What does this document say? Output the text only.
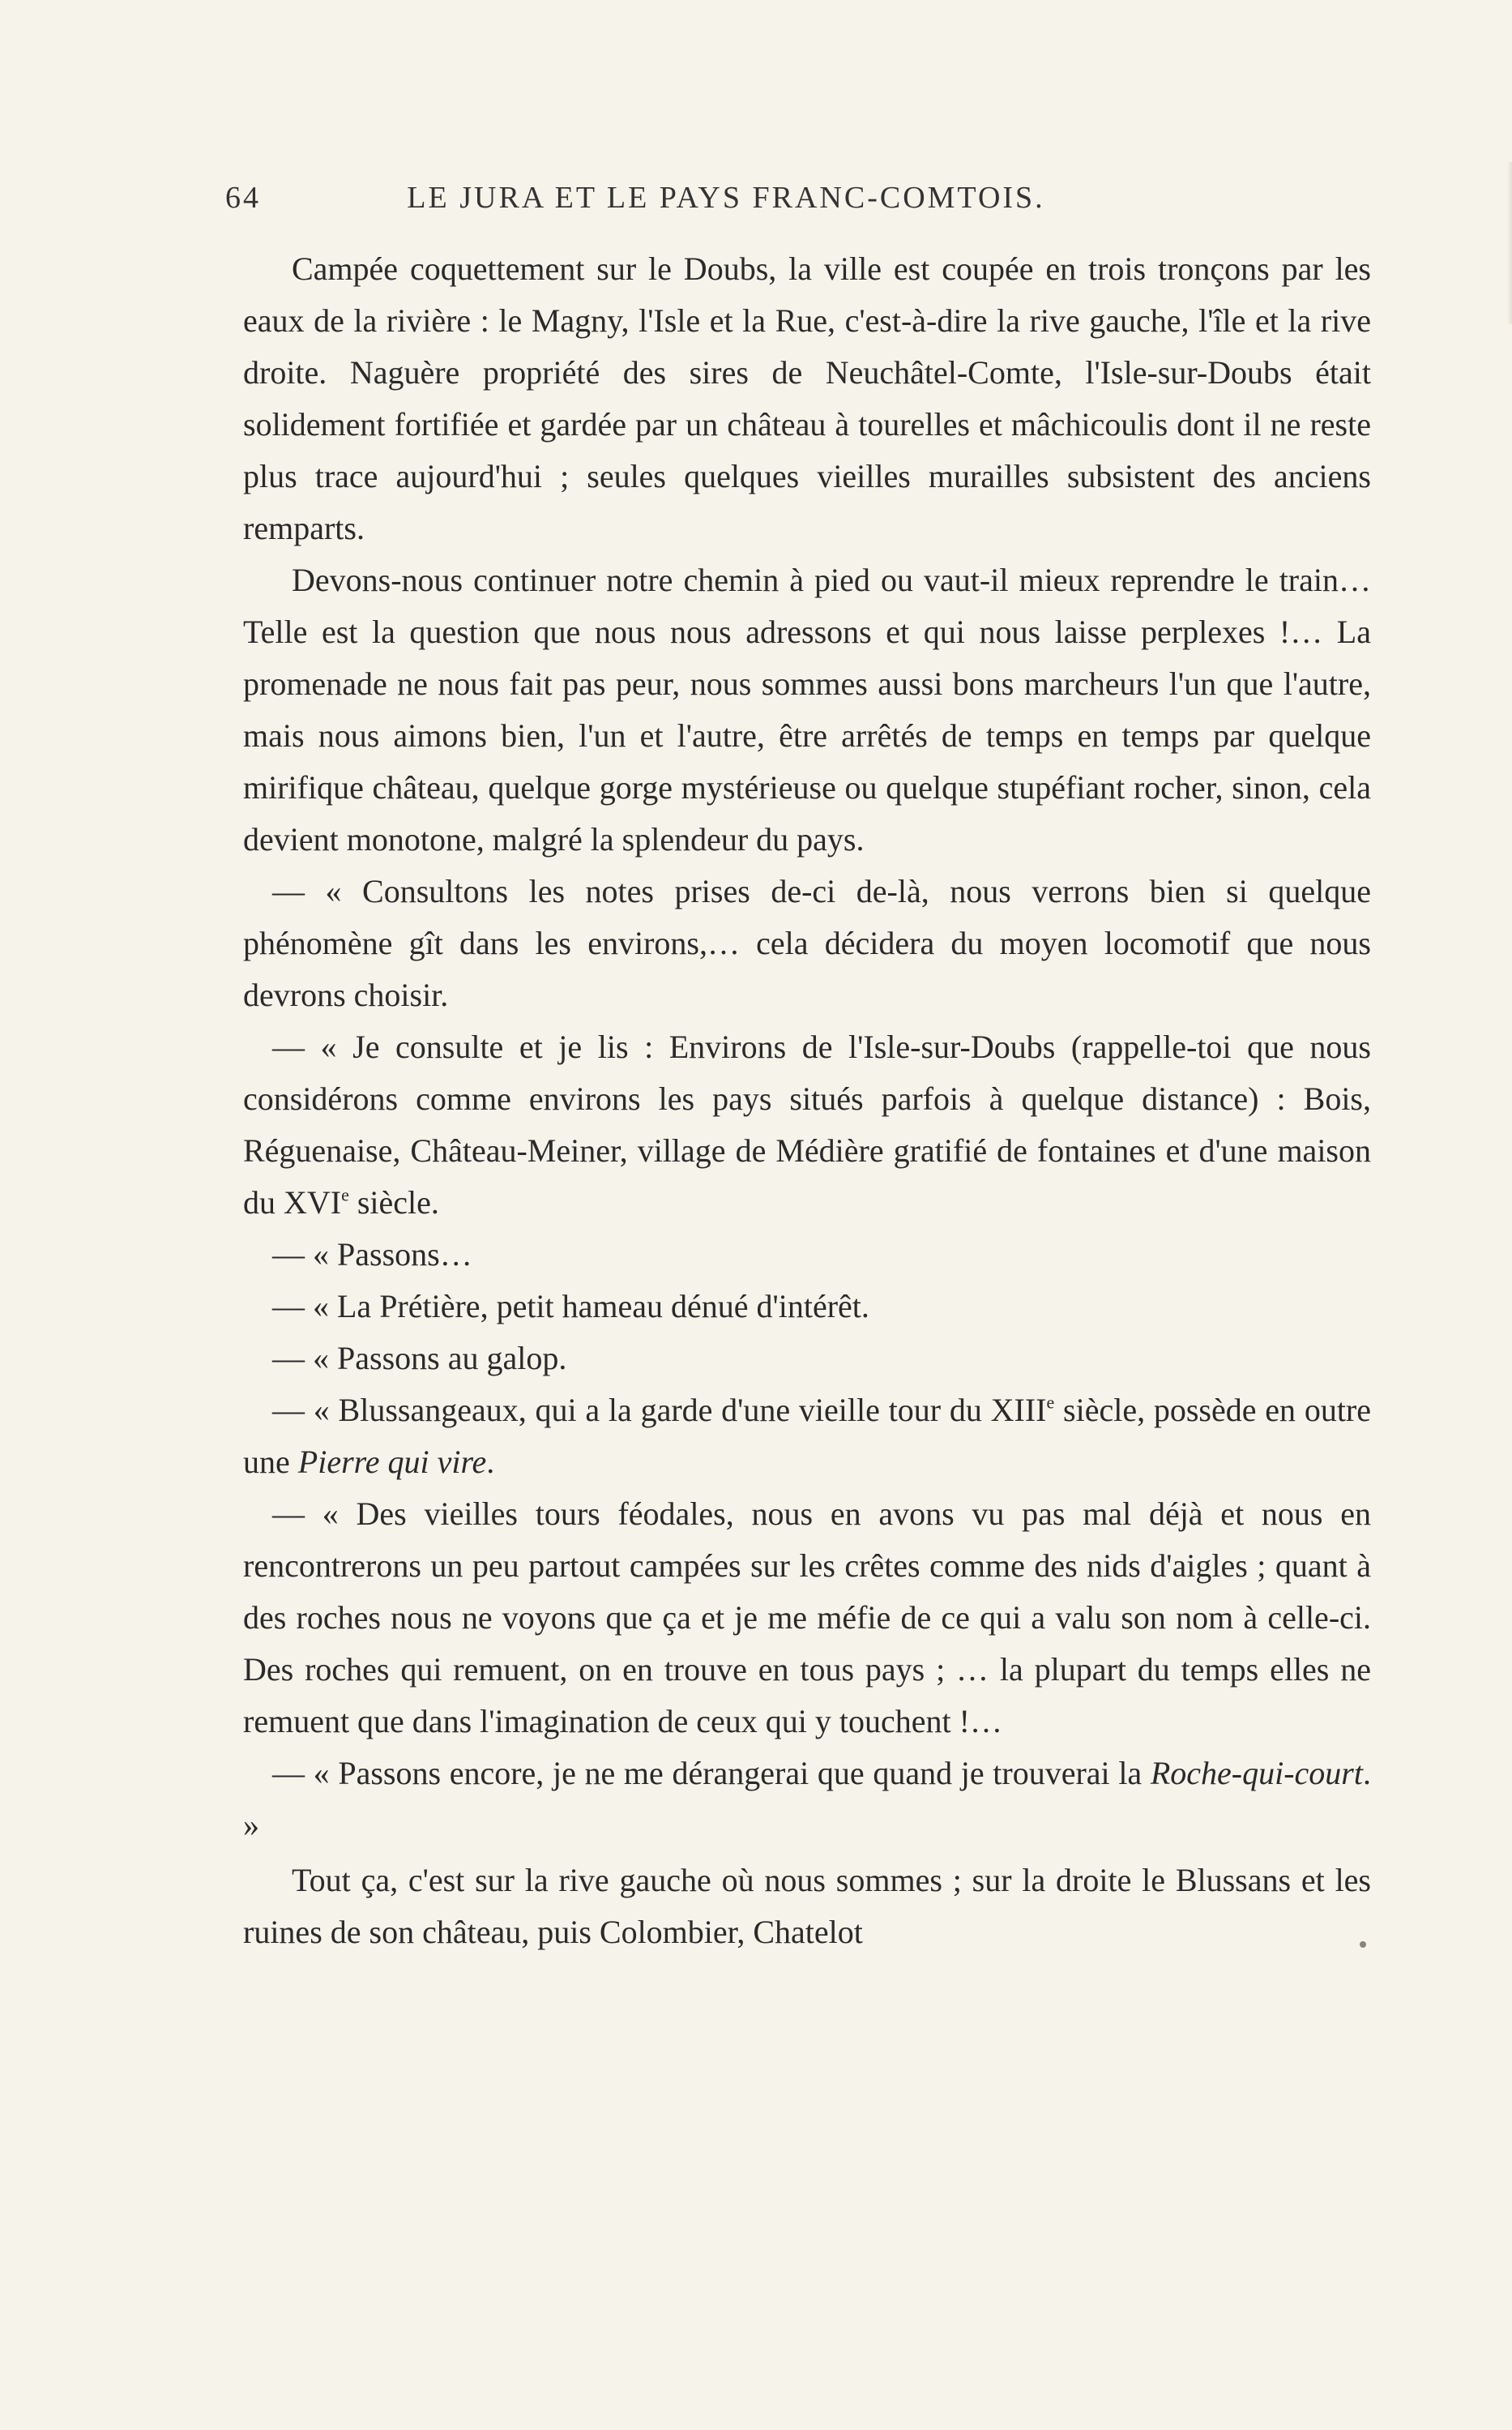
64	LE JURA ET LE PAYS FRANC-COMTOIS.

Campée coquettement sur le Doubs, la ville est coupée en trois tronçons par les eaux de la rivière : le Magny, l'Isle et la Rue, c'est-à-dire la rive gauche, l'île et la rive droite. Naguère propriété des sires de Neuchâtel-Comte, l'Isle-sur-Doubs était solidement fortifiée et gardée par un château à tourelles et mâchicoulis dont il ne reste plus trace aujourd'hui ; seules quelques vieilles murailles subsistent des anciens remparts.

Devons-nous continuer notre chemin à pied ou vaut-il mieux reprendre le train… Telle est la question que nous nous adressons et qui nous laisse perplexes !… La promenade ne nous fait pas peur, nous sommes aussi bons marcheurs l'un que l'autre, mais nous aimons bien, l'un et l'autre, être arrêtés de temps en temps par quelque mirifique château, quelque gorge mystérieuse ou quelque stupéfiant rocher, sinon, cela devient monotone, malgré la splendeur du pays.

— « Consultons les notes prises de-ci de-là, nous verrons bien si quelque phénomène gît dans les environs,… cela décidera du moyen locomotif que nous devrons choisir.

— « Je consulte et je lis : Environs de l'Isle-sur-Doubs (rappelle-toi que nous considérons comme environs les pays situés parfois à quelque distance) : Bois, Réguenaise, Château-Meiner, village de Médière gratifié de fontaines et d'une maison du XVIe siècle.

— « Passons…

— « La Prétière, petit hameau dénué d'intérêt.

— « Passons au galop.

— « Blussangeaux, qui a la garde d'une vieille tour du XIIIe siècle, possède en outre une Pierre qui vire.

— « Des vieilles tours féodales, nous en avons vu pas mal déjà et nous en rencontrerons un peu partout campées sur les crêtes comme des nids d'aigles ; quant à des roches nous ne voyons que ça et je me méfie de ce qui a valu son nom à celle-ci. Des roches qui remuent, on en trouve en tous pays ; … la plupart du temps elles ne remuent que dans l'imagination de ceux qui y touchent !…

— « Passons encore, je ne me dérangerai que quand je trouverai la Roche-qui-court. »

Tout ça, c'est sur la rive gauche où nous sommes ; sur la droite le Blussans et les ruines de son château, puis Colombier, Chatelot
